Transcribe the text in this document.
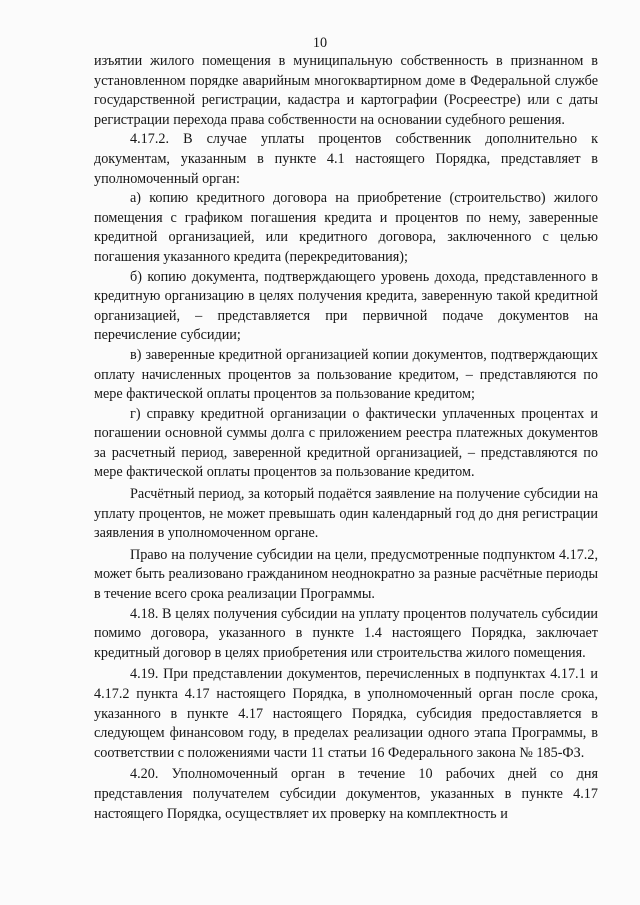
10

изъятии жилого помещения в муниципальную собственность в признанном в установленном порядке аварийным многоквартирном доме в Федеральной службе государственной регистрации, кадастра и картографии (Росреестре) или с даты регистрации перехода права собственности на основании судебного решения.

4.17.2. В случае уплаты процентов собственник дополнительно к документам, указанным в пункте 4.1 настоящего Порядка, представляет в уполномоченный орган:

а) копию кредитного договора на приобретение (строительство) жилого помещения с графиком погашения кредита и процентов по нему, заверенные кредитной организацией, или кредитного договора, заключенного с целью погашения указанного кредита (перекредитования);

б) копию документа, подтверждающего уровень дохода, представленного в кредитную организацию в целях получения кредита, заверенную такой кредитной организацией, – представляется при первичной подаче документов на перечисление субсидии;

в) заверенные кредитной организацией копии документов, подтверждающих оплату начисленных процентов за пользование кредитом, – представляются по мере фактической оплаты процентов за пользование кредитом;

г) справку кредитной организации о фактически уплаченных процентах и погашении основной суммы долга с приложением реестра платежных документов за расчетный период, заверенной кредитной организацией, – представляются по мере фактической оплаты процентов за пользование кредитом.

Расчётный период, за который подаётся заявление на получение субсидии на уплату процентов, не может превышать один календарный год до дня регистрации заявления в уполномоченном органе.

Право на получение субсидии на цели, предусмотренные подпунктом 4.17.2, может быть реализовано гражданином неоднократно за разные расчётные периоды в течение всего срока реализации Программы.

4.18. В целях получения субсидии на уплату процентов получатель субсидии помимо договора, указанного в пункте 1.4 настоящего Порядка, заключает кредитный договор в целях приобретения или строительства жилого помещения.

4.19. При представлении документов, перечисленных в подпунктах 4.17.1 и 4.17.2 пункта 4.17 настоящего Порядка, в уполномоченный орган после срока, указанного в пункте 4.17 настоящего Порядка, субсидия предоставляется в следующем финансовом году, в пределах реализации одного этапа Программы, в соответствии с положениями части 11 статьи 16 Федерального закона № 185-ФЗ.

4.20. Уполномоченный орган в течение 10 рабочих дней со дня представления получателем субсидии документов, указанных в пункте 4.17 настоящего Порядка, осуществляет их проверку на комплектность и
